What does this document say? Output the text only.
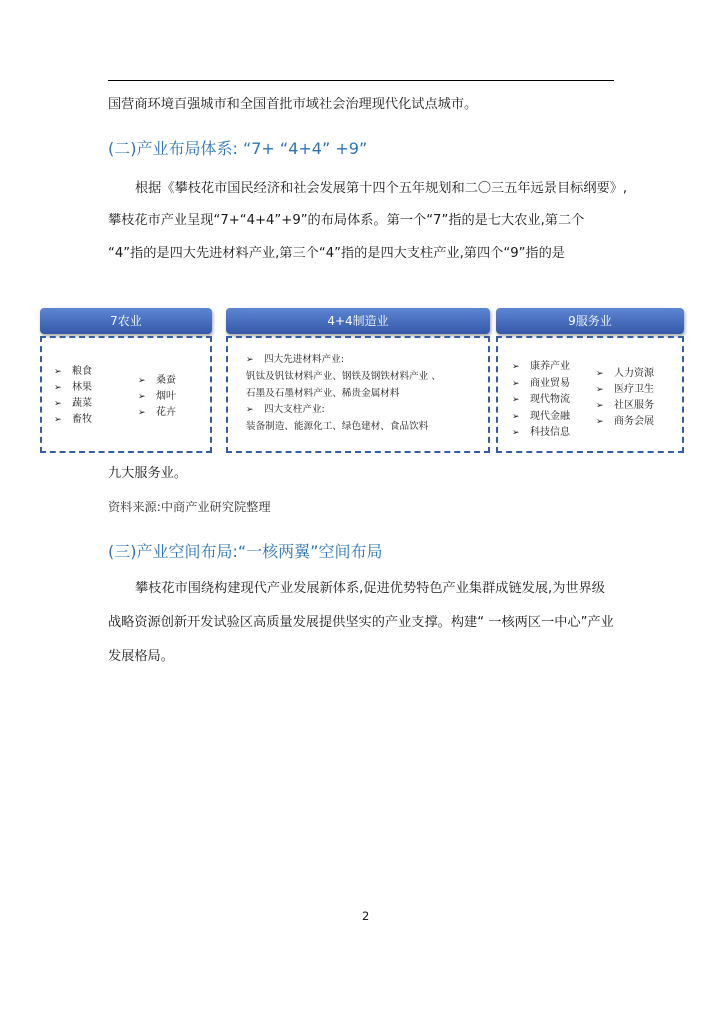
国营商环境百强城市和全国首批市域社会治理现代化试点城市。
(二)产业布局体系: “7+ “4+4” +9”
根据《攀枝花市国民经济和社会发展第十四个五年规划和二〇三五年远景目标纲要》,
攀枝花市产业呈现“7+“4+4”+9”的布局体系。第一个“7”指的是七大农业,第二个
“4”指的是四大先进材料产业,第三个“4”指的是四大支柱产业,第四个“9”指的是
7农业
➢ 粮食
➢ 林果
➢ 蔬菜
➢ 畜牧
➢ 桑蚕
➢ 烟叶
➢ 花卉
4+4制造业
➢ 四大先进材料产业:
钒钛及钒钛材料产业、钢铁及钢铁材料产业 、
石墨及石墨材料产业、稀贵金属材料
➢ 四大支柱产业:
装备制造、能源化工、绿色建材、食品饮料
9服务业
➢ 康养产业
➢ 商业贸易
➢ 现代物流
➢ 现代金融
➢ 科技信息
➢ 人力资源
➢ 医疗卫生
➢ 社区服务
➢ 商务会展
九大服务业。
资料来源:中商产业研究院整理
(三)产业空间布局:“一核两翼”空间布局
攀枝花市围绕构建现代产业发展新体系,促进优势特色产业集群成链发展,为世界级
战略资源创新开发试验区高质量发展提供坚实的产业支撑。构建“ 一核两区一中心”产业
发展格局。
2
